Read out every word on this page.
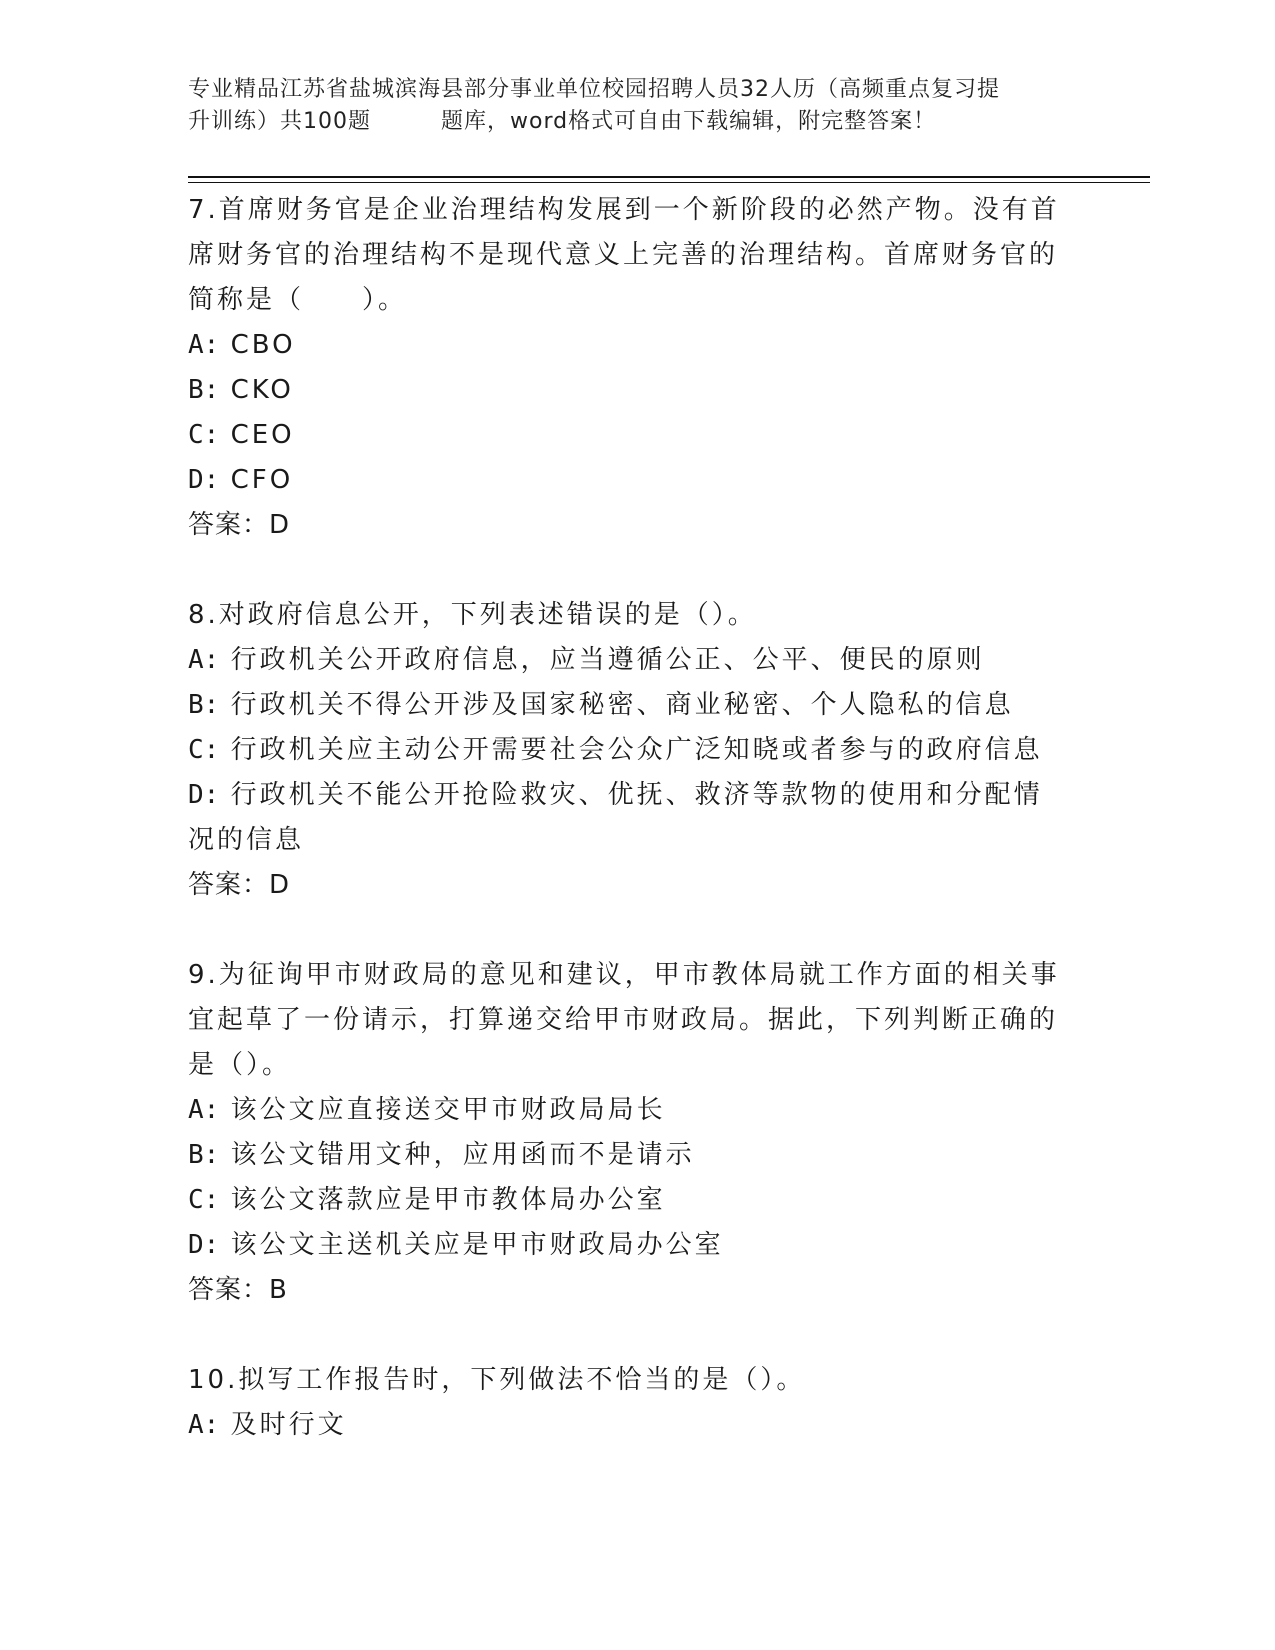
专业精品江苏省盐城滨海县部分事业单位校园招聘人员32人历（高频重点复习提
升训练）共100题	题库，word格式可自由下载编辑，附完整答案！

7.首席财务官是企业治理结构发展到一个新阶段的必然产物。没有首席财务官的治理结构不是现代意义上完善的治理结构。首席财务官的简称是（　　）。

A: CBO

B: CKO

C: CEO

D: CFO

答案：D

8.对政府信息公开，下列表述错误的是（）。

A: 行政机关公开政府信息，应当遵循公正、公平、便民的原则

B: 行政机关不得公开涉及国家秘密、商业秘密、个人隐私的信息

C: 行政机关应主动公开需要社会公众广泛知晓或者参与的政府信息

D: 行政机关不能公开抢险救灾、优抚、救济等款物的使用和分配情况的信息

答案：D

9.为征询甲市财政局的意见和建议，甲市教体局就工作方面的相关事宜起草了一份请示，打算递交给甲市财政局。据此，下列判断正确的是（）。

A: 该公文应直接送交甲市财政局局长

B: 该公文错用文种，应用函而不是请示

C: 该公文落款应是甲市教体局办公室

D: 该公文主送机关应是甲市财政局办公室

答案：B

10.拟写工作报告时，下列做法不恰当的是（）。

A: 及时行文
